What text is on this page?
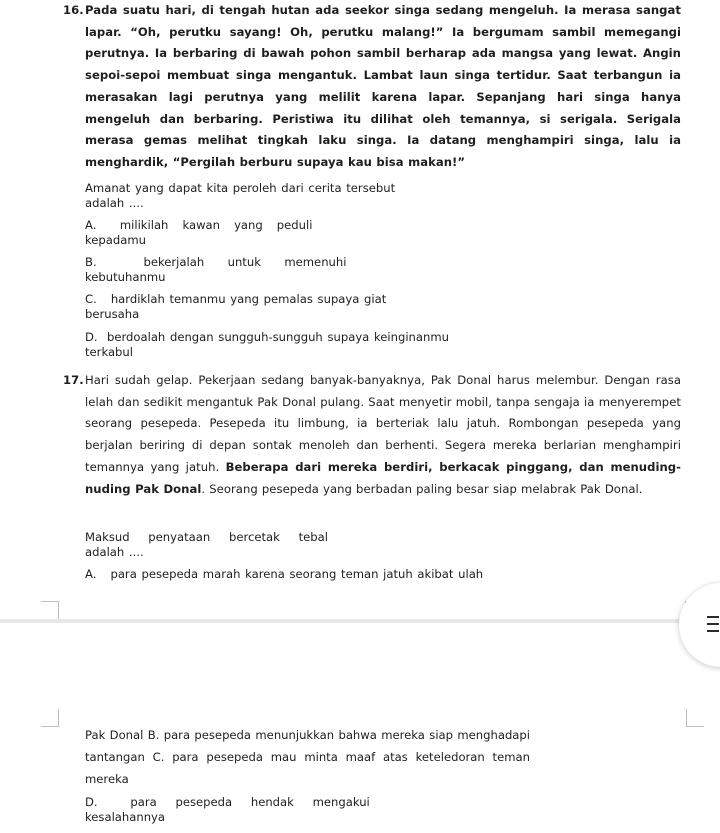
16. Pada suatu hari, di tengah hutan ada seekor singa sedang mengeluh. Ia merasa sangat lapar. “Oh, perutku sayang! Oh, perutku malang!” Ia bergumam sambil memegangi perutnya. Ia berbaring di bawah pohon sambil berharap ada mangsa yang lewat. Angin sepoi-sepoi membuat singa mengantuk. Lambat laun singa tertidur. Saat terbangun ia merasakan lagi perutnya yang melilit karena lapar. Sepanjang hari singa hanya mengeluh dan berbaring. Peristiwa itu dilihat oleh temannya, si serigala. Serigala merasa gemas melihat tingkah laku singa. Ia datang menghampiri singa, lalu ia menghardik, “Pergilah berburu supaya kau bisa makan!”
Amanat yang dapat kita peroleh dari cerita tersebut
adalah ....
A.     milikilah   kawan   yang   peduli
kepadamu
B.          bekerjalah     untuk     memenuhi
kebutuhanmu
C.   hardiklah temanmu yang pemalas supaya giat
berusaha
D.  berdoalah dengan sungguh-sungguh supaya keinginanmu
terkabul
17. Hari sudah gelap. Pekerjaan sedang banyak-banyaknya, Pak Donal harus melembur. Dengan rasa lelah dan sedikit mengantuk Pak Donal pulang. Saat menyetir mobil, tanpa sengaja ia menyerempet seorang pesepeda. Pesepeda itu limbung, ia berteriak lalu jatuh. Rombongan pesepeda yang berjalan beriring di depan sontak menoleh dan berhenti. Segera mereka berlarian menghampiri temannya yang jatuh. Beberapa dari mereka berdiri, berkacak pinggang, dan menuding-nuding Pak Donal. Seorang pesepeda yang berbadan paling besar siap melabrak Pak Donal.
Maksud    penyataan    bercetak    tebal
adalah ....
A.   para pesepeda marah karena seorang teman jatuh akibat ulah
Pak Donal B. para pesepeda menunjukkan bahwa mereka siap menghadapi tantangan C. para pesepeda mau minta maaf atas keteledoran teman mereka
D.       para    pesepeda    hendak    mengakui
kesalahannya
